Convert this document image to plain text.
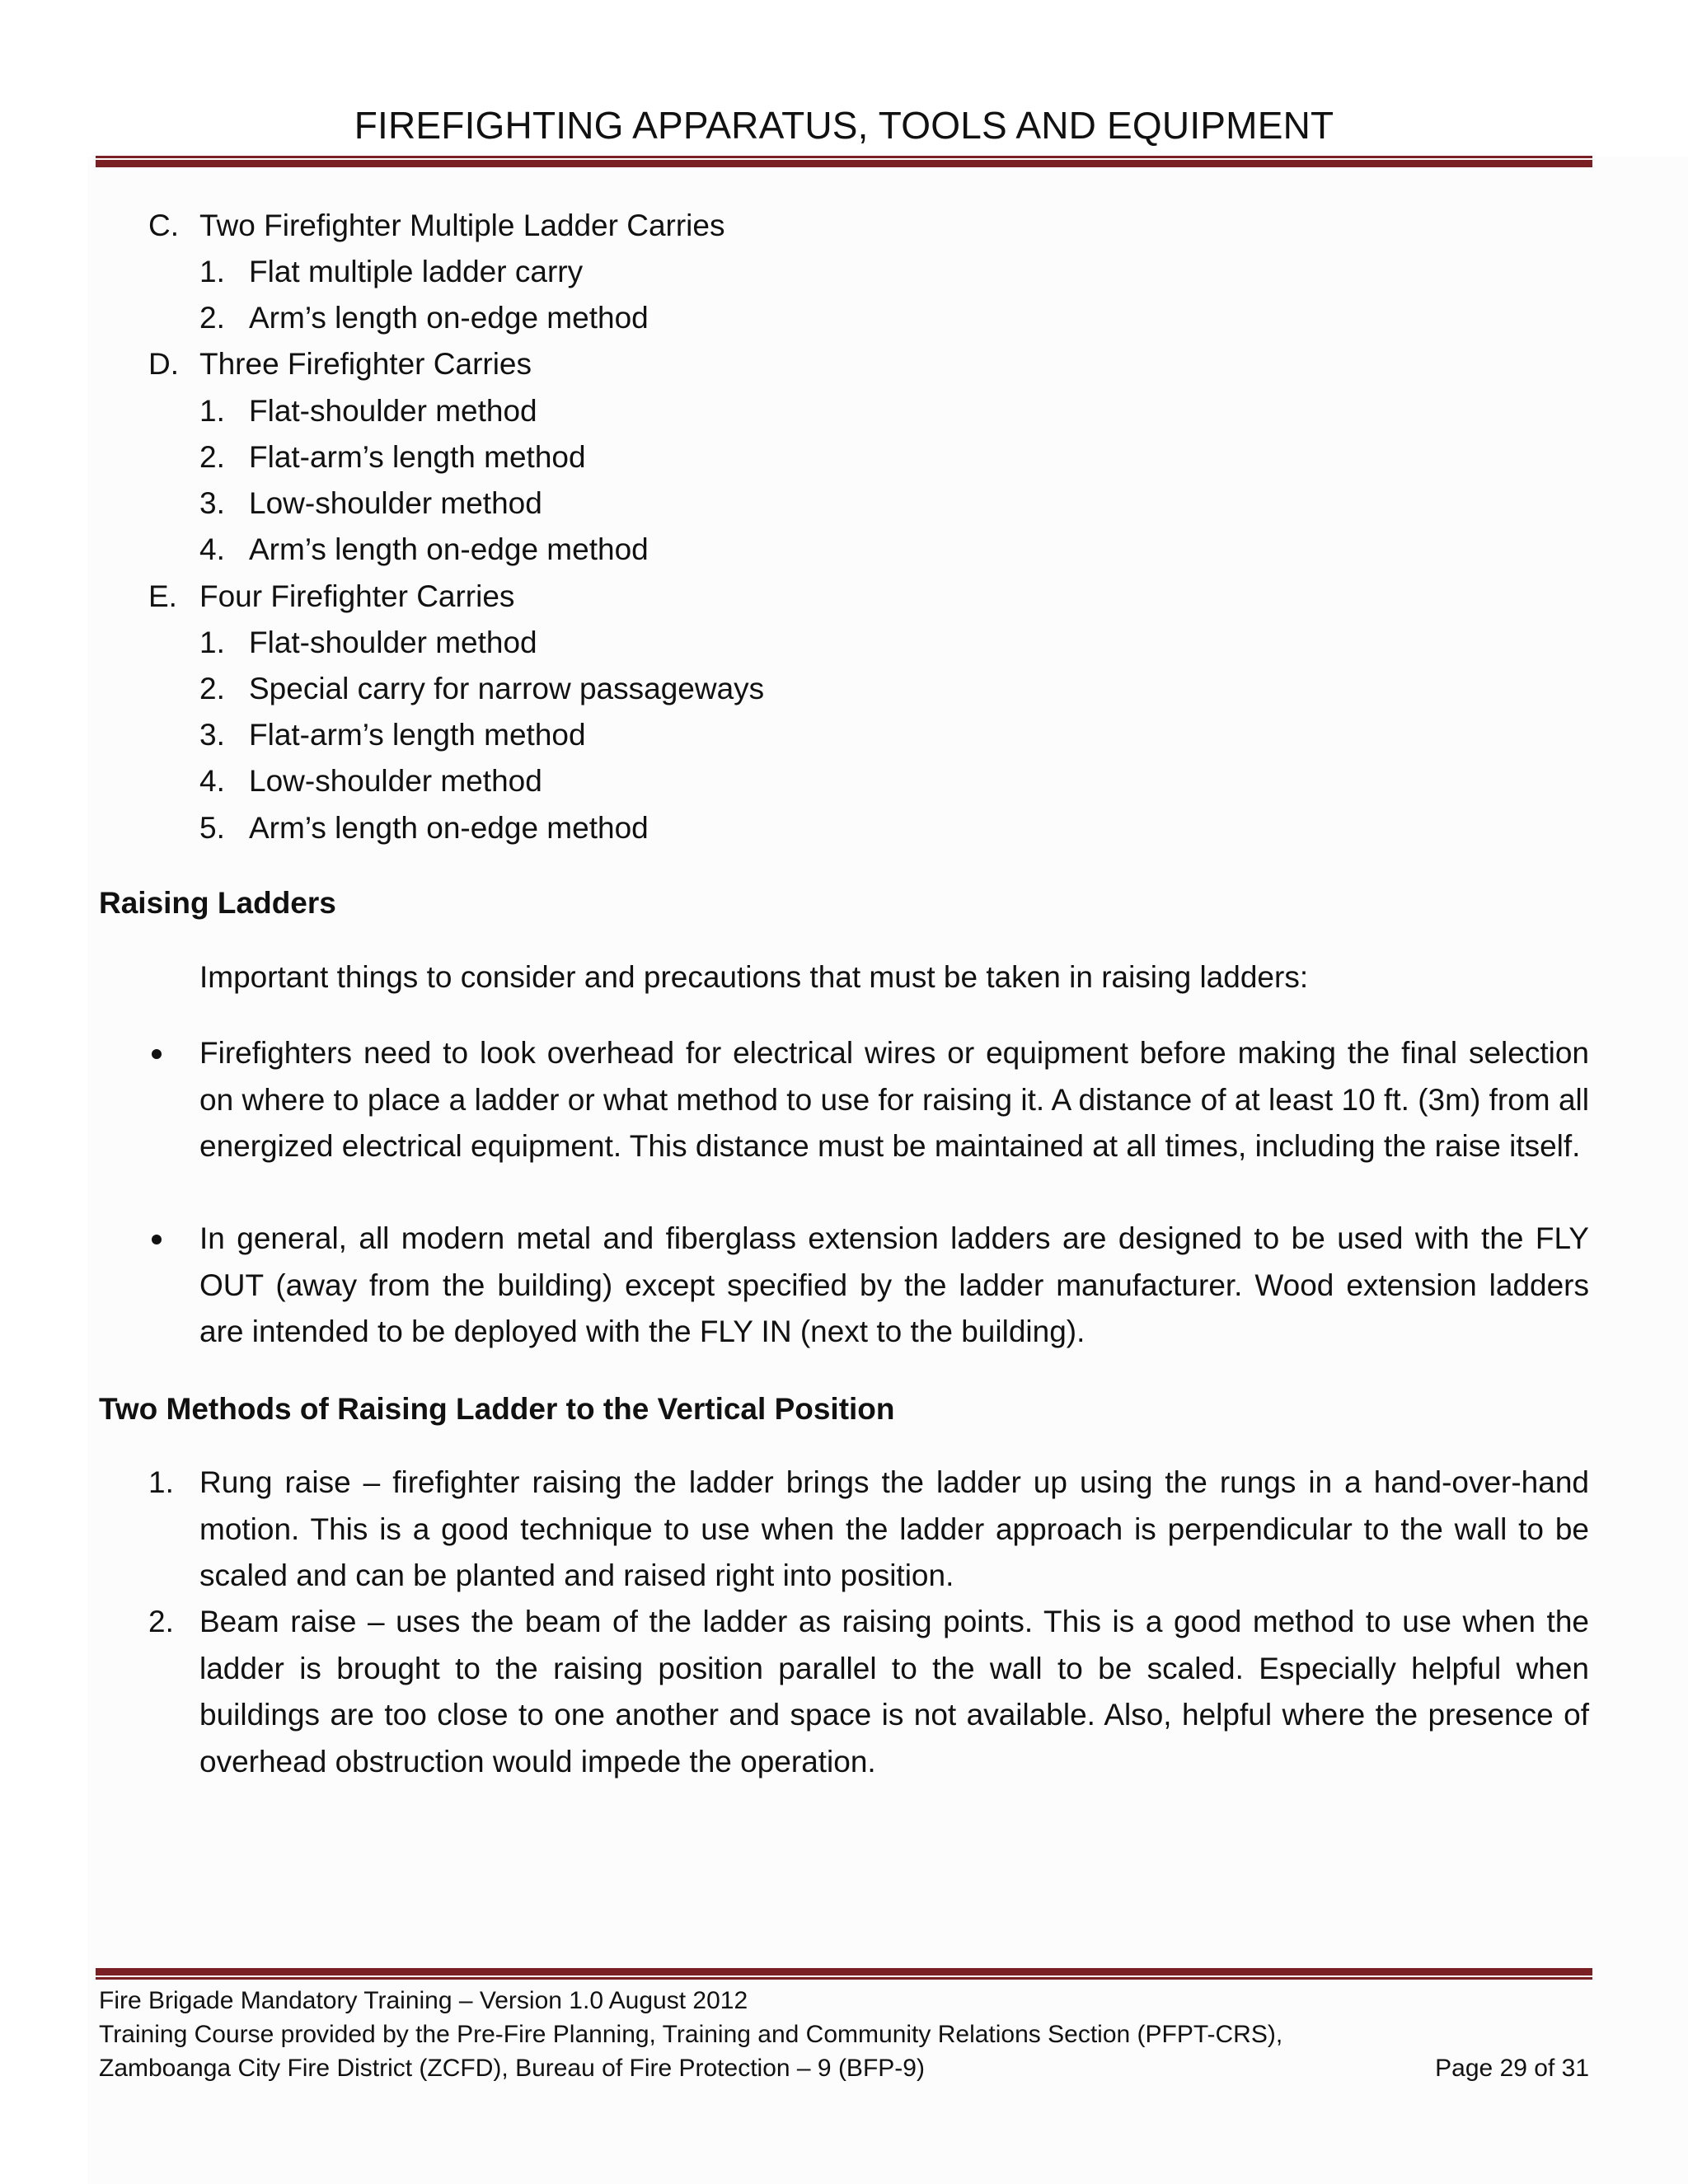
FIREFIGHTING APPARATUS, TOOLS AND EQUIPMENT
C. Two Firefighter Multiple Ladder Carries
1. Flat multiple ladder carry
2. Arm’s length on-edge method
D. Three Firefighter Carries
1. Flat-shoulder method
2. Flat-arm’s length method
3. Low-shoulder method
4. Arm’s length on-edge method
E. Four Firefighter Carries
1. Flat-shoulder method
2. Special carry for narrow passageways
3. Flat-arm’s length method
4. Low-shoulder method
5. Arm’s length on-edge method
Raising Ladders
Important things to consider and precautions that must be taken in raising ladders:
Firefighters need to look overhead for electrical wires or equipment before making the final selection on where to place a ladder or what method to use for raising it. A distance of at least 10 ft. (3m) from all energized electrical equipment. This distance must be maintained at all times, including the raise itself.
In general, all modern metal and fiberglass extension ladders are designed to be used with the FLY OUT (away from the building) except specified by the ladder manufacturer. Wood extension ladders are intended to be deployed with the FLY IN (next to the building).
Two Methods of Raising Ladder to the Vertical Position
1. Rung raise – firefighter raising the ladder brings the ladder up using the rungs in a hand-over-hand motion. This is a good technique to use when the ladder approach is perpendicular to the wall to be scaled and can be planted and raised right into position.
2. Beam raise – uses the beam of the ladder as raising points. This is a good method to use when the ladder is brought to the raising position parallel to the wall to be scaled. Especially helpful when buildings are too close to one another and space is not available. Also, helpful where the presence of overhead obstruction would impede the operation.
Fire Brigade Mandatory Training – Version 1.0 August 2012
Training Course provided by the Pre-Fire Planning, Training and Community Relations Section (PFPT-CRS),
Zamboanga City Fire District (ZCFD), Bureau of Fire Protection – 9 (BFP-9)	Page 29 of 31
